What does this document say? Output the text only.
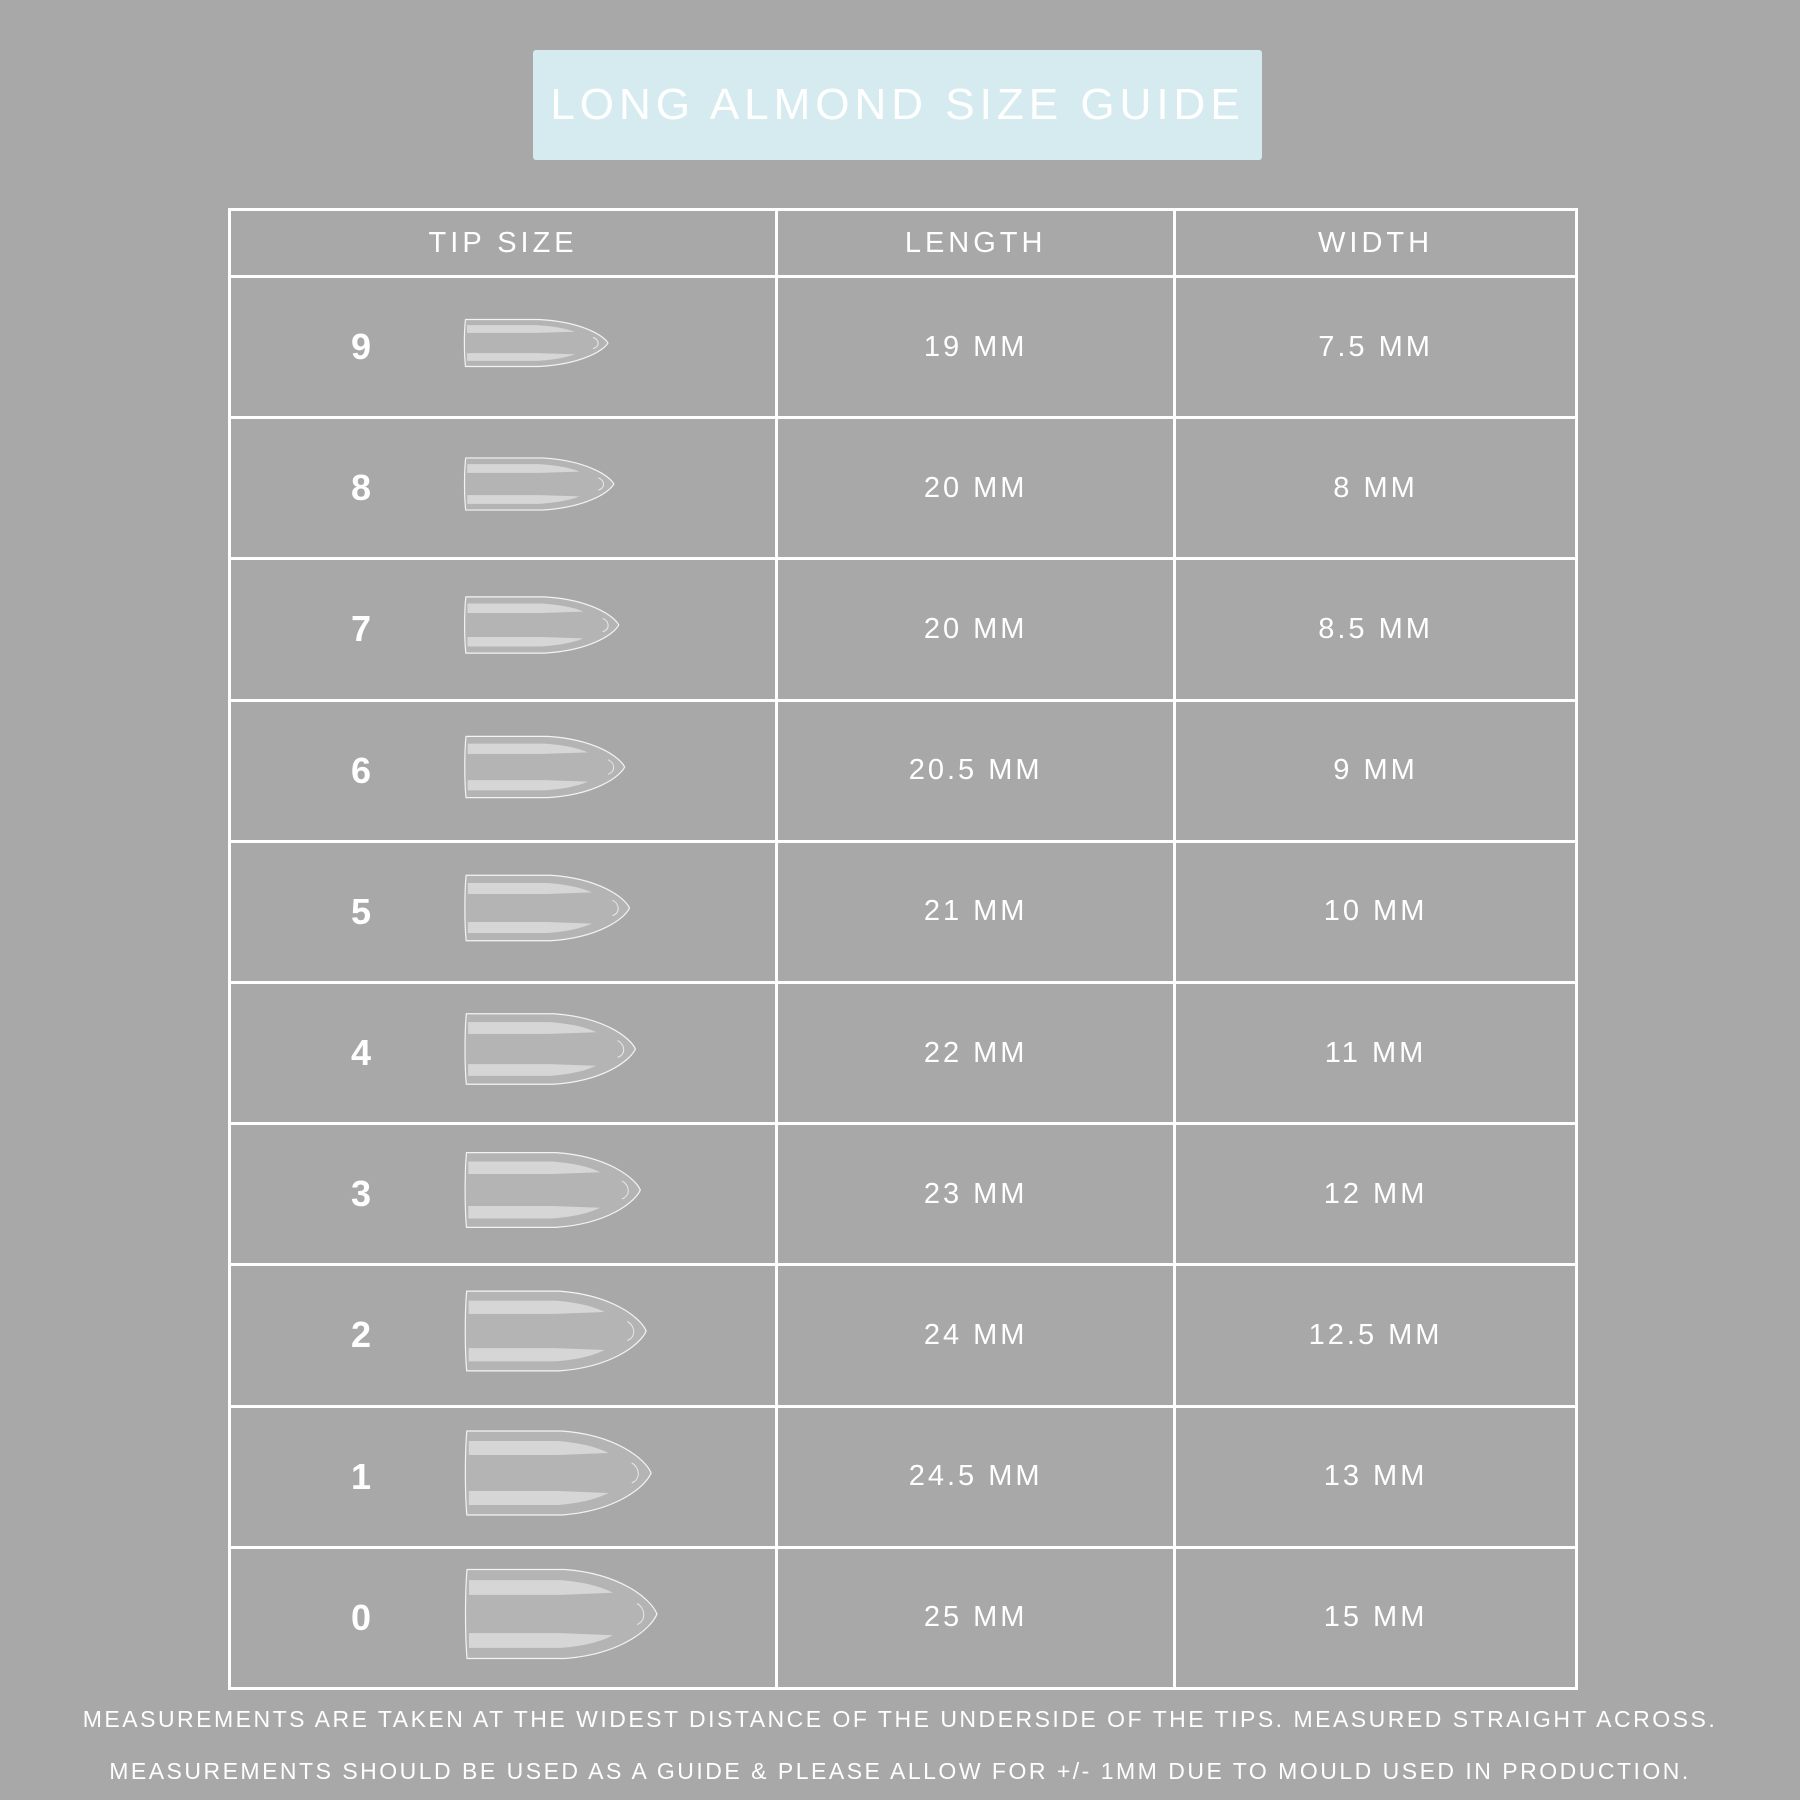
LONG ALMOND SIZE GUIDE
TIP SIZE	LENGTH	WIDTH

9	19 MM	7.5 MM

8	20 MM	8 MM

7	20 MM	8.5 MM

6	20.5 MM	9 MM

5	21 MM	10 MM

4	22 MM	11 MM

3	23 MM	12 MM

2	24 MM	12.5 MM

1	24.5 MM	13 MM

0	25 MM	15 MM
MEASUREMENTS ARE TAKEN AT THE WIDEST DISTANCE OF THE UNDERSIDE OF THE TIPS. MEASURED STRAIGHT ACROSS.
MEASUREMENTS SHOULD BE USED AS A GUIDE & PLEASE ALLOW FOR +/- 1MM DUE TO MOULD USED IN PRODUCTION.
